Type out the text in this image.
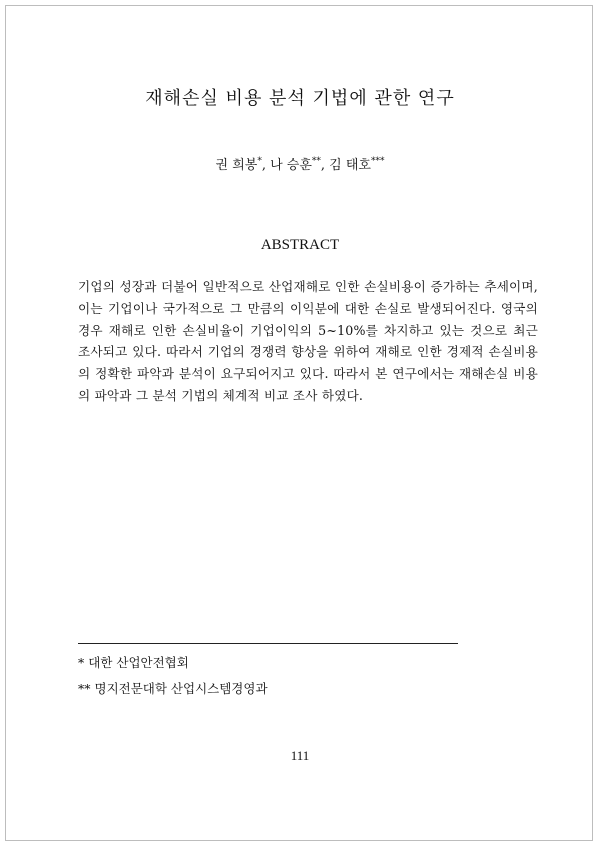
재해손실 비용 분석 기법에 관한 연구
권 희봉*, 나 승훈**, 김 태호***
ABSTRACT
기업의 성장과 더불어 일반적으로 산업재해로 인한 손실비용이 증가하는 추세이며, 이는 기업이나 국가적으로 그 만큼의 이익분에 대한 손실로 발생되어진다. 영국의 경우 재해로 인한 손실비율이 기업이익의 5~10%를 차지하고 있는 것으로 최근 조사되고 있다. 따라서 기업의 경쟁력 향상을 위하여 재해로 인한 경제적 손실비용의 정확한 파악과 분석이 요구되어지고 있다. 따라서 본 연구에서는 재해손실 비용의 파악과 그 분석 기법의 체계적 비교 조사 하였다.
* 대한 산업안전협회
** 명지전문대학 산업시스템경영과
111
